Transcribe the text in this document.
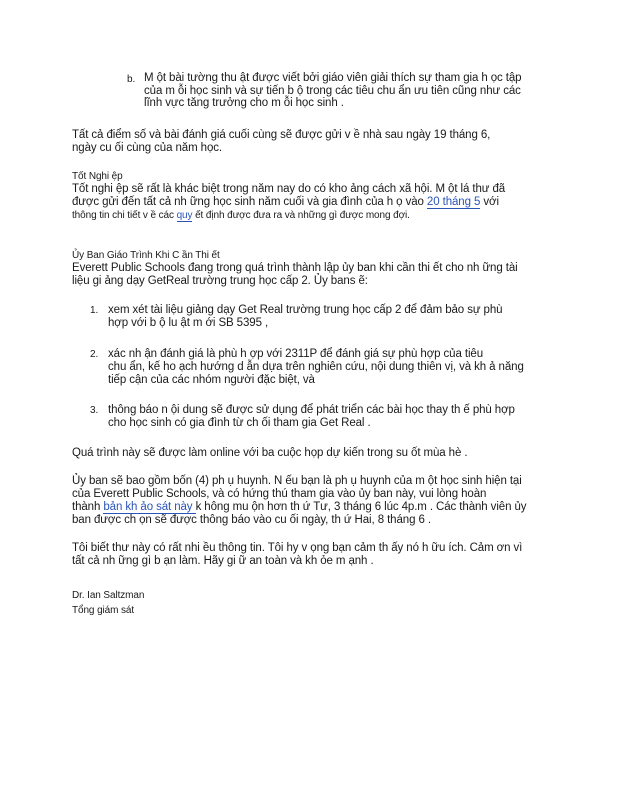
b. M ột bài tường thu ật được viết bởi giáo viên giải thích sự tham gia h ọc tập

của m ỗi học sinh và sự tiến b ộ trong các tiêu chu ẩn ưu tiên cũng như các

lĩnh vực tăng trưởng cho m ỗi học sinh .

Tất cả điểm số và bài đánh giá cuối cùng sẽ được gửi v ề nhà sau ngày 19 tháng 6,

ngày cu ối cùng của năm học.

Tốt Nghi ệp

Tốt nghi ệp sẽ rất là khác biệt trong năm nay do có kho ảng cách xã hội. M ột lá thư đã

được gửi đến tất cả nh ững học sinh năm cuối và gia đình của h ọ vào 20 tháng 5 với

thông tin chi tiết v ề các quy ết định được đưa ra và những gì được mong đợi.

Ủy Ban Giáo Trình Khi C ần Thi ết

Everett Public Schools đang trong quá trình thành lập ủy ban khi cần thi ết cho nh ững tài

liệu gi ảng dạy GetReal trường trung học cấp 2. Ủy bans ẽ:

1. xem xét tài liệu giảng dạy Get Real trường trung học cấp 2 để đảm bảo sự phù

hợp với b ộ lu ật m ới SB 5395 ,

2. xác nh ận đánh giá là phù h ợp với 2311P để đánh giá sự phù hợp của tiêu

chu ẩn, kế ho ạch hướng d ẫn dựa trên nghiên cứu, nội dung thiên vị, và kh ả năng

tiếp cận của các nhóm người đặc biệt, và

3. thông báo n ội dung sẽ được sử dụng để phát triển các bài học thay th ế phù hợp

cho học sinh có gia đình từ ch ối tham gia Get Real .

Quá trình này sẽ được làm online với ba cuộc họp dự kiến trong su ốt mùa hè .

Ủy ban sẽ bao gồm bốn (4) ph ụ huynh. N ếu bạn là ph ụ huynh của m ột học sinh hiện tại

của Everett Public Schools, và có hứng thú tham gia vào ủy ban này, vui lòng hoàn

thành bản kh ảo sát này k hông mu ộn hơn th ứ Tư, 3 tháng 6 lúc 4p.m . Các thành viên ủy

ban được ch ọn sẽ được thông báo vào cu ối ngày, th ứ Hai, 8 tháng 6 .

Tôi biết thư này có rất nhi ều thông tin. Tôi hy v ọng bạn cảm th ấy nó h ữu ích. Cảm ơn vì

tất cả nh ững gì b ạn làm. Hãy gi ữ an toàn và kh ỏe m ạnh .

Dr. Ian Saltzman

Tổng giám sát
